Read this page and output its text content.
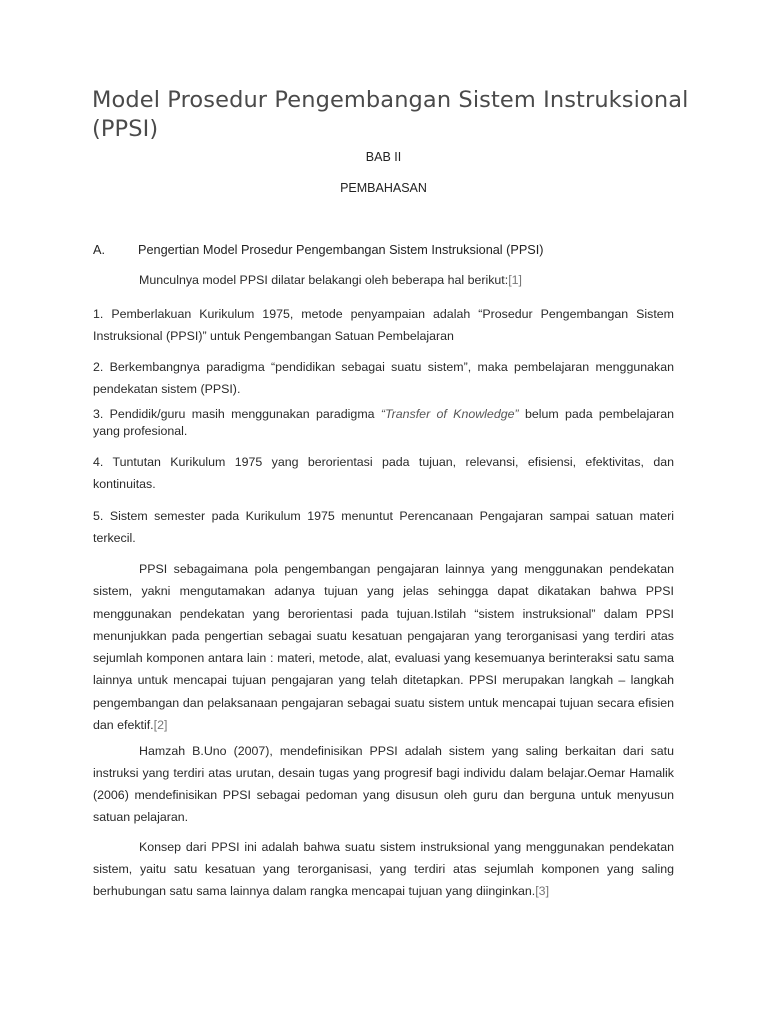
Model Prosedur Pengembangan Sistem Instruksional (PPSI)
BAB II
PEMBAHASAN
A.	Pengertian Model Prosedur Pengembangan Sistem Instruksional (PPSI)
Munculnya model PPSI dilatar belakangi oleh beberapa hal berikut:[1]

1. Pemberlakuan Kurikulum 1975, metode penyampaian adalah “Prosedur Pengembangan Sistem Instruksional (PPSI)” untuk Pengembangan Satuan Pembelajaran

2. Berkembangnya paradigma “pendidikan sebagai suatu sistem”, maka pembelajaran menggunakan pendekatan sistem (PPSI).

3. Pendidik/guru masih menggunakan paradigma “Transfer of Knowledge” belum pada pembelajaran yang profesional.

4. Tuntutan Kurikulum 1975 yang berorientasi pada tujuan, relevansi, efisiensi, efektivitas, dan kontinuitas.

5. Sistem semester pada Kurikulum 1975 menuntut Perencanaan Pengajaran sampai satuan materi terkecil.

PPSI sebagaimana pola pengembangan pengajaran lainnya yang menggunakan pendekatan sistem, yakni mengutamakan adanya tujuan yang jelas sehingga dapat dikatakan bahwa PPSI menggunakan pendekatan yang berorientasi pada tujuan.Istilah “sistem instruksional” dalam PPSI menunjukkan pada pengertian sebagai suatu kesatuan pengajaran yang terorganisasi yang terdiri atas sejumlah komponen antara lain : materi, metode, alat, evaluasi yang kesemuanya berinteraksi satu sama lainnya untuk mencapai tujuan pengajaran yang telah ditetapkan. PPSI merupakan langkah – langkah pengembangan dan pelaksanaan pengajaran sebagai suatu sistem untuk mencapai tujuan secara efisien dan efektif.[2]

Hamzah B.Uno (2007), mendefinisikan PPSI adalah sistem yang saling berkaitan dari satu instruksi yang terdiri atas urutan, desain tugas yang progresif bagi individu dalam belajar.Oemar Hamalik (2006) mendefinisikan PPSI sebagai pedoman yang disusun oleh guru dan berguna untuk menyusun satuan pelajaran.

Konsep dari PPSI ini adalah bahwa suatu sistem instruksional yang menggunakan pendekatan sistem, yaitu satu kesatuan yang terorganisasi, yang terdiri atas sejumlah komponen yang saling berhubungan satu sama lainnya dalam rangka mencapai tujuan yang diinginkan.[3]
